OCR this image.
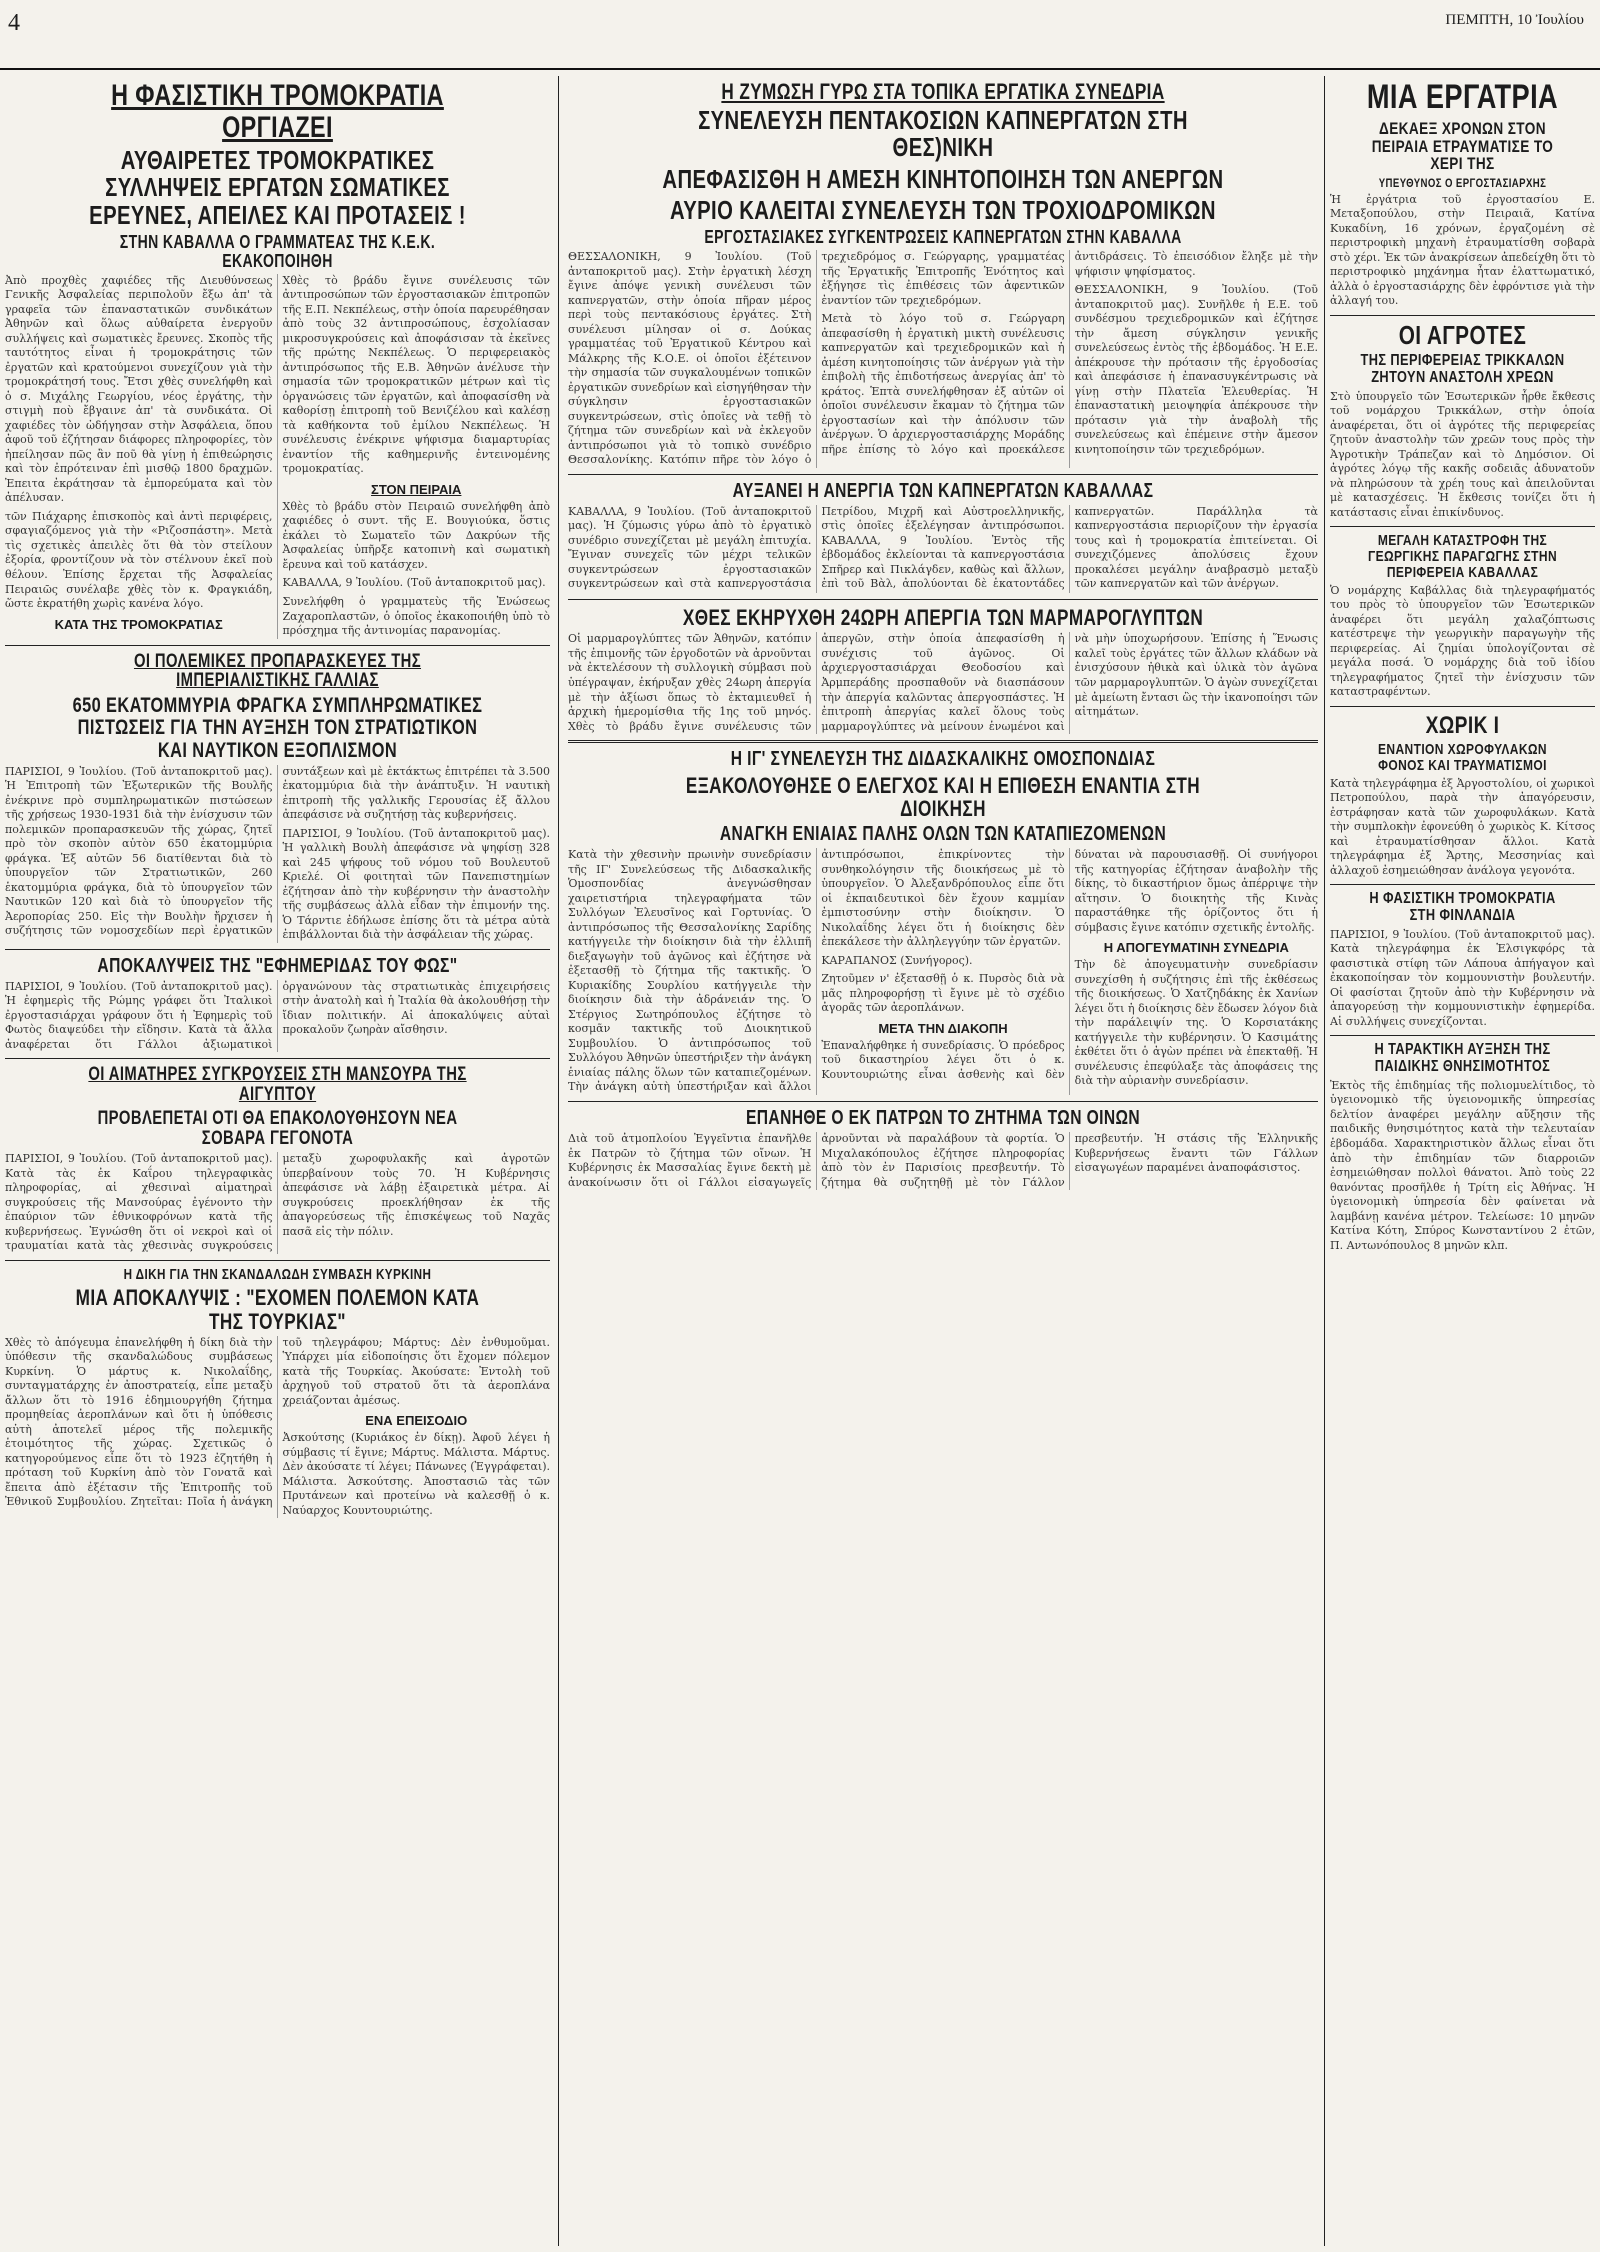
4	ΠΕΜΠΤΗ, 10 Ἰουλίου
Η ΦΑΣΙΣΤΙΚΗ ΤΡΟΜΟΚΡΑΤΙΑ ΟΡΓΙΑΖΕΙ
ΑΥΘΑΙΡΕΤΕΣ ΤΡΟΜΟΚΡΑΤΙΚΕΣ ΣΥΛΛΗΨΕΙΣ ΕΡΓΑΤΩΝ ΣΩΜΑΤΙΚΕΣ ΕΡΕΥΝΕΣ, ΑΠΕΙΛΕΣ ΚΑΙ ΠΡΟΤΑΣΕΙΣ !
ΣΤΗΝ ΚΑΒΑΛΛΑ Ο ΓΡΑΜΜΑΤΕΑΣ ΤΗΣ Κ.Ε.Κ. ΕΚΑΚΟΠΟΙΗΘΗ

Ἀπὸ προχθὲς χαφιέδες τῆς Διευθύνσεως Γενικῆς Ἀσφαλείας περιπολοῦν ἔξω ἀπ' τὰ γραφεῖα τῶν ἐπαναστατικῶν συνδικάτων Ἀθηνῶν καὶ ὅλως αὐθαίρετα ἐνεργοῦν συλλήψεις καὶ σωματικὲς ἔρευνες. Σκοπὸς τῆς ταυτότητος εἶναι ἡ τρομοκράτησις τῶν ἐργατῶν καὶ κρατούμενοι συνεχίζουν γιὰ τὴν τρομοκράτησή τους. Ἔτσι χθὲς συνελήφθη καὶ ὁ σ. Μιχάλης Γεωργίου, νέος ἐργάτης, τὴν στιγμὴ ποὺ ἔβγαινε ἀπ' τὰ συνδικάτα. Οἱ χαφιέδες τὸν ὡδήγησαν στὴν Ἀσφάλεια, ὅπου ἀφοῦ τοῦ ἐζήτησαν διάφορες πληροφορίες, τὸν ἠπείλησαν πῶς ἂν ποῦ θὰ γίνῃ ἡ ἐπιθεώρησις καὶ τὸν ἐπρότειναν ἐπὶ μισθῷ 1800 δραχμῶν. Ἐπειτα ἐκράτησαν τὰ ἐμπορεύματα καὶ τὸν ἀπέλυσαν.

τῶν Πιάχαρης ἐπισκοπὸς καὶ ἀντὶ περιφέρεις, σφαγιαζόμενος γιὰ τὴν «Ριζοσπάστη». Μετὰ τὶς σχετικὲς ἀπειλὲς ὅτι θὰ τὸν στείλουν ἐξορία, φροντίζουν νὰ τὸν στέλνουν ἐκεῖ ποὺ θέλουν. Ἐπίσης ἔρχεται τῆς Ἀσφαλείας Πειραιῶς συνέλαβε χθὲς τὸν κ. Φραγκιάδη, ὥστε ἐκρατήθη χωρὶς κανένα λόγο.

ΚΑΤΑ ΤΗΣ ΤΡΟΜΟΚΡΑΤΙΑΣ

Χθὲς τὸ βράδυ ἔγινε συνέλευσις τῶν ἀντιπροσώπων τῶν ἐργοστασιακῶν ἐπιτροπῶν τῆς Ε.Π. Νεκπέλεως, στὴν ὁποία παρευρέθησαν ἀπὸ τοὺς 32 ἀντιπροσώπους, ἐσχολίασαν μικροσυγκρούσεις καὶ ἀποφάσισαν τὰ ἐκεῖνες τῆς πρώτης Νεκπέλεως. Ὁ περιφερειακὸς ἀντιπρόσωπος τῆς Ε.Β. Ἀθηνῶν ἀνέλυσε τὴν σημασία τῶν τρομοκρατικῶν μέτρων καὶ τὶς ὀργανώσεις τῶν ἐργατῶν, καὶ ἀποφασίσθη νὰ καθορίσῃ ἐπιτροπὴ τοῦ Βενιζέλου καὶ καλέσῃ τὰ καθήκοντα τοῦ ἐμίλου Νεκπέλεως. Ἡ συνέλευσις ἐνέκρινε ψήφισμα διαμαρτυρίας ἐναντίον τῆς καθημερινῆς ἐντεινομένης τρομοκρατίας.

ΣΤΟΝ ΠΕΙΡΑΙΑ

Χθὲς τὸ βράδυ στὸν Πειραιῶ συνελήφθη ἀπὸ χαφιέδες ὁ συντ. τῆς Ε. Βουγιούκα, ὅστις ἐκάλει τὸ Σωματεῖο τῶν Δακρύων τῆς Ἀσφαλείας ὑπῆρξε κατοπινὴ καὶ σωματικὴ ἔρευνα καὶ τοῦ κατάσχεν.

ΚΑΒΑΛΛΑ, 9 Ἰουλίου. (Τοῦ ἀνταποκριτοῦ μας).

Συνελήφθη ὁ γραμματεὺς τῆς Ἑνώσεως Ζαχαροπλαστῶν, ὁ ὁποῖος ἐκακοποιήθη ὑπὸ τὸ πρόσχημα τῆς ἀντινομίας παρανομίας.

ΟΙ ΠΟΛΕΜΙΚΕΣ ΠΡΟΠΑΡΑΣΚΕΥΕΣ ΤΗΣ ΙΜΠΕΡΙΑΛΙΣΤΙΚΗΣ ΓΑΛΛΙΑΣ
650 ΕΚΑΤΟΜΜΥΡΙΑ ΦΡΑΓΚΑ ΣΥΜΠΛΗΡΩΜΑΤΙΚΕΣ ΠΙΣΤΩΣΕΙΣ ΓΙΑ ΤΗΝ ΑΥΞΗΣΗ ΤΟΝ ΣΤΡΑΤΙΩΤΙΚΟΝ ΚΑΙ ΝΑΥΤΙΚΟΝ ΕΞΟΠΛΙΣΜΟΝ

ΠΑΡΙΣΙΟΙ, 9 Ἰουλίου. (Τοῦ ἀνταποκριτοῦ μας). Ἡ Ἐπιτροπὴ τῶν Ἐξωτερικῶν τῆς Βουλῆς ἐνέκρινε πρὸ συμπληρωματικῶν πιστώσεων τῆς χρήσεως 1930-1931 διὰ τὴν ἐνίσχυσιν τῶν πολεμικῶν προπαρασκευῶν τῆς χώρας, ζητεῖ πρὸ τὸν σκοπὸν αὐτὸν 650 ἑκατομμύρια φράγκα. Ἐξ αὐτῶν 56 διατίθενται διὰ τὸ ὑπουργεῖον τῶν Στρατιωτικῶν, 260 ἑκατομμύρια φράγκα, διὰ τὸ ὑπουργεῖον τῶν Ναυτικῶν 120 καὶ διὰ τὸ ὑπουργεῖον τῆς Ἀεροπορίας 250. Εἰς τὴν Βουλὴν ἤρχισεν ἡ συζήτησις τῶν νομοσχεδίων περὶ ἐργατικῶν συντάξεων καὶ μὲ ἐκτάκτως ἐπιτρέπει τὰ 3.500 ἑκατομμύρια διὰ τὴν ἀνάπτυξιν. Ἡ ναυτικὴ ἐπιτροπὴ τῆς γαλλικῆς Γερουσίας ἐξ ἄλλου ἀπεφάσισε νὰ συζητήσῃ τὰς κυβερνήσεις.

ΠΑΡΙΣΙΟΙ, 9 Ἰουλίου. (Τοῦ ἀνταποκριτοῦ μας). Ἡ γαλλικὴ Βουλὴ ἀπεφάσισε νὰ ψηφίσῃ 328 καὶ 245 ψήφους τοῦ νόμου τοῦ Βουλευτοῦ Κριελέ. Οἱ φοιτηταὶ τῶν Πανεπιστημίων ἐζήτησαν ἀπὸ τὴν κυβέρνησιν τὴν ἀναστολὴν τῆς συμβάσεως ἀλλὰ εἶδαν τὴν ἐπιμονήν της. Ὁ Τάρντιε ἐδήλωσε ἐπίσης ὅτι τὰ μέτρα αὐτὰ ἐπιβάλλονται διὰ τὴν ἀσφάλειαν τῆς χώρας.

ΑΠΟΚΑΛΥΨΕΙΣ ΤΗΣ "ΕΦΗΜΕΡΙΔΑΣ ΤΟΥ ΦΩΣ"

ΠΑΡΙΣΙΟΙ, 9 Ἰουλίου. (Τοῦ ἀνταποκριτοῦ μας). Ἡ ἐφημερὶς τῆς Ρώμης γράφει ὅτι Ἰταλικοὶ ἐργοστασιάρχαι γράφουν ὅτι ἡ Ἐφημερὶς τοῦ Φωτὸς διαψεύδει τὴν εἴδησιν. Κατὰ τὰ ἄλλα ἀναφέρεται ὅτι Γάλλοι ἀξιωματικοὶ ὀργανώνουν τὰς στρατιωτικὰς ἐπιχειρήσεις στὴν ἀνατολὴ καὶ ἡ Ἰταλία θὰ ἀκολουθήσῃ τὴν ἴδιαν πολιτικήν. Αἱ ἀποκαλύψεις αὐταὶ προκαλοῦν ζωηρὰν αἴσθησιν.

ΟΙ ΑΙΜΑΤΗΡΕΣ ΣΥΓΚΡΟΥΣΕΙΣ ΣΤΗ ΜΑΝΣΟΥΡΑ ΤΗΣ ΑΙΓΥΠΤΟΥ
ΠΡΟΒΛΕΠΕΤΑΙ ΟΤΙ ΘΑ ΕΠΑΚΟΛΟΥΘΗΣΟΥΝ ΝΕΑ ΣΟΒΑΡΑ ΓΕΓΟΝΟΤΑ

ΠΑΡΙΣΙΟΙ, 9 Ἰουλίου. (Τοῦ ἀνταποκριτοῦ μας). Κατὰ τὰς ἐκ Καΐρου τηλεγραφικὰς πληροφορίας, αἱ χθεσιναὶ αἱματηραὶ συγκρούσεις τῆς Μανσούρας ἐγένοντο τὴν ἐπαύριον τῶν ἐθνικοφρόνων κατὰ τῆς κυβερνήσεως. Ἐγνώσθη ὅτι οἱ νεκροὶ καὶ οἱ τραυματίαι κατὰ τὰς χθεσινὰς συγκρούσεις μεταξὺ χωροφυλακῆς καὶ ἀγροτῶν ὑπερβαίνουν τοὺς 70. Ἡ Κυβέρνησις ἀπεφάσισε νὰ λάβῃ ἐξαιρετικὰ μέτρα. Αἱ συγκρούσεις προεκλήθησαν ἐκ τῆς ἀπαγορεύσεως τῆς ἐπισκέψεως τοῦ Ναχᾶς πασᾶ εἰς τὴν πόλιν.

Η ΔΙΚΗ ΓΙΑ ΤΗΝ ΣΚΑΝΔΑΛΩΔΗ ΣΥΜΒΑΣΗ ΚΥΡΚΙΝΗ
ΜΙΑ ΑΠΟΚΑΛΥΨΙΣ : "ΕΧΟΜΕΝ ΠΟΛΕΜΟΝ ΚΑΤΑ ΤΗΣ ΤΟΥΡΚΙΑΣ"

Χθὲς τὸ ἀπόγευμα ἐπανελήφθη ἡ δίκη διὰ τὴν ὑπόθεσιν τῆς σκανδαλώδους συμβάσεως Κυρκίνη. Ὁ μάρτυς κ. Νικολαΐδης, συνταγματάρχης ἐν ἀποστρατείᾳ, εἶπε μεταξὺ ἄλλων ὅτι τὸ 1916 ἐδημιουργήθη ζήτημα προμηθείας ἀεροπλάνων καὶ ὅτι ἡ ὑπόθεσις αὐτὴ ἀποτελεῖ μέρος τῆς πολεμικῆς ἑτοιμότητος τῆς χώρας. Σχετικῶς ὁ κατηγορούμενος εἶπε ὅτι τὸ 1923 ἐζητήθη ἡ πρόταση τοῦ Κυρκίνη ἀπὸ τὸν Γονατᾶ καὶ ἔπειτα ἀπὸ ἐξέτασιν τῆς Ἐπιτροπῆς τοῦ Ἐθνικοῦ Συμβουλίου. Ζητεῖται: Ποῖα ἡ ἀνάγκη τοῦ τηλεγράφου; Μάρτυς: Δὲν ἐνθυμοῦμαι. Ὑπάρχει μία εἰδοποίησις ὅτι ἔχομεν πόλεμον κατὰ τῆς Τουρκίας. Ἀκούσατε: Ἐντολὴ τοῦ ἀρχηγοῦ τοῦ στρατοῦ ὅτι τὰ ἀεροπλάνα χρειάζονται ἀμέσως.

ΕΝΑ ΕΠΕΙΣΟΔΙΟ

Ἀσκούτσης (Κυριάκος ἐν δίκῃ). Ἀφοῦ λέγει ἡ σύμβασις τί ἔγινε; Μάρτυς. Μάλιστα. Μάρτυς. Δὲν ἀκούσατε τί λέγει; Πάνωνες (Ἐγγράφεται). Μάλιστα. Ἀσκούτσης. Ἀποστασιῶ τὰς τῶν Πρυτάνεων καὶ προτείνω νὰ καλεσθῇ ὁ κ. Ναύαρχος Κουντουριώτης.

Η ΖΥΜΩΣΗ ΓΥΡΩ ΣΤΑ ΤΟΠΙΚΑ ΕΡΓΑΤΙΚΑ ΣΥΝΕΔΡΙΑ
ΣΥΝΕΛΕΥΣΗ ΠΕΝΤΑΚΟΣΙΩΝ ΚΑΠΝΕΡΓΑΤΩΝ ΣΤΗ ΘΕΣ)ΝΙΚΗ
ΑΠΕΦΑΣΙΣΘΗ Η ΑΜΕΣΗ ΚΙΝΗΤΟΠΟΙΗΣΗ ΤΩΝ ΑΝΕΡΓΩΝ
ΑΥΡΙΟ ΚΑΛΕΙΤΑΙ ΣΥΝΕΛΕΥΣΗ ΤΩΝ ΤΡΟΧΙΟΔΡΟΜΙΚΩΝ
ΕΡΓΟΣΤΑΣΙΑΚΕΣ ΣΥΓΚΕΝΤΡΩΣΕΙΣ ΚΑΠΝΕΡΓΑΤΩΝ ΣΤΗΝ ΚΑΒΑΛΛΑ

ΘΕΣΣΑΛΟΝΙΚΗ, 9 Ἰουλίου. (Τοῦ ἀνταποκριτοῦ μας). Στὴν ἐργατικὴ λέσχη ἔγινε ἀπόψε γενικὴ συνέλευσι τῶν καπνεργατῶν, στὴν ὁποία πῆραν μέρος περὶ τοὺς πεντακόσιους ἐργάτες. Στὴ συνέλευσι μίλησαν οἱ σ. Δούκας γραμματέας τοῦ Ἐργατικοῦ Κέντρου καὶ Μάλκρης τῆς Κ.Ο.Ε. οἱ ὁποῖοι ἐξέτεινον τὴν σημασία τῶν συγκαλουμένων τοπικῶν ἐργατικῶν συνεδρίων καὶ εἰσηγήθησαν τὴν σύγκλησιν ἐργοστασιακῶν συγκεντρώσεων, στὶς ὁποῖες νὰ τεθῇ τὸ ζήτημα τῶν συνεδρίων καὶ νὰ ἐκλεγοῦν ἀντιπρόσωποι γιὰ τὸ τοπικὸ συνέδριο Θεσσαλονίκης. Κατόπιν πῆρε τὸν λόγο ὁ τρεχιεδρόμος σ. Γεώργαρης, γραμματέας τῆς Ἐργατικῆς Ἐπιτροπῆς Ἑνότητος καὶ ἐξήγησε τὶς ἐπιθέσεις τῶν ἀφεντικῶν ἐναντίον τῶν τρεχιεδρόμων.

Μετὰ τὸ λόγο τοῦ σ. Γεώργαρη ἀπεφασίσθη ἡ ἐργατικὴ μικτὴ συνέλευσις καπνεργατῶν καὶ τρεχιεδρομικῶν καὶ ἡ ἀμέση κινητοποίησις τῶν ἀνέργων γιὰ τὴν ἐπιβολὴ τῆς ἐπιδοτήσεως ἀνεργίας ἀπ' τὸ κράτος. Ἑπτὰ συνελήφθησαν ἐξ αὐτῶν οἱ ὁποῖοι συνέλευσιν ἔκαμαν τὸ ζήτημα τῶν ἐργοστασίων καὶ τὴν ἀπόλυσιν τῶν ἀνέργων. Ὁ ἀρχιεργοστασιάρχης Μοράδης πῆρε ἐπίσης τὸ λόγο καὶ προεκάλεσε ἀντιδράσεις. Τὸ ἐπεισόδιον ἔληξε μὲ τὴν ψήφισιν ψηφίσματος.

ΘΕΣΣΑΛΟΝΙΚΗ, 9 Ἰουλίου. (Τοῦ ἀνταποκριτοῦ μας). Συνῆλθε ἡ Ε.Ε. τοῦ συνδέσμου τρεχιεδρομικῶν καὶ ἐζήτησε τὴν ἄμεση σύγκλησιν γενικῆς συνελεύσεως ἐντὸς τῆς ἑβδομάδος. Ἡ Ε.Ε. ἀπέκρουσε τὴν πρότασιν τῆς ἐργοδοσίας καὶ ἀπεφάσισε ἡ ἐπανασυγκέντρωσις νὰ γίνῃ στὴν Πλατεῖα Ἐλευθερίας. Ἡ ἐπαναστατικὴ μειοψηφία ἀπέκρουσε τὴν πρότασιν γιὰ τὴν ἀναβολὴ τῆς συνελεύσεως καὶ ἐπέμεινε στὴν ἄμεσον κινητοποίησιν τῶν τρεχιεδρόμων.

ΑΥΞΑΝΕΙ Η ΑΝΕΡΓΙΑ ΤΩΝ ΚΑΠΝΕΡΓΑΤΩΝ ΚΑΒΑΛΛΑΣ

ΚΑΒΑΛΛΑ, 9 Ἰουλίου. (Τοῦ ἀνταποκριτοῦ μας). Ἡ ζύμωσις γύρω ἀπὸ τὸ ἐργατικὸ συνέδριο συνεχίζεται μὲ μεγάλη ἐπιτυχία. Ἔγιναν συνεχεῖς τῶν μέχρι τελικῶν συγκεντρώσεων ἐργοστασιακῶν συγκεντρώσεων καὶ στὰ καπνεργοστάσια Πετρίδου, Μιχρῆ καὶ Αὐστροελληνικῆς, στὶς ὁποῖες ἐξελέγησαν ἀντιπρόσωποι. ΚΑΒΑΛΛΑ, 9 Ἰουλίου. Ἐντὸς τῆς ἑβδομάδος ἐκλείονται τὰ καπνεργοστάσια Σπῆρερ καὶ Πικλάγδεν, καθὼς καὶ ἄλλων, ἐπὶ τοῦ Βὰλ, ἀπολύονται δὲ ἑκατοντάδες καπνεργατῶν. Παράλληλα τὰ καπνεργοστάσια περιορίζουν τὴν ἐργασία τους καὶ ἡ τρομοκρατία ἐπιτείνεται. Οἱ συνεχιζόμενες ἀπολύσεις ἔχουν προκαλέσει μεγάλην ἀναβρασμὸ μεταξὺ τῶν καπνεργατῶν καὶ τῶν ἀνέργων.

ΧΘΕΣ ΕΚΗΡΥΧΘΗ 24ΩΡΗ ΑΠΕΡΓΙΑ ΤΩΝ ΜΑΡΜΑΡΟΓΛΥΠΤΩΝ

Οἱ μαρμαρογλύπτες τῶν Ἀθηνῶν, κατόπιν τῆς ἐπιμονῆς τῶν ἐργοδοτῶν νὰ ἀρνοῦνται νὰ ἐκτελέσουν τὴ συλλογικὴ σύμβασι ποὺ ὑπέγραψαν, ἐκήρυξαν χθὲς 24ωρη ἀπεργία μὲ τὴν ἀξίωσι ὅπως τὸ ἐκταμιευθεῖ ἡ ἀρχικὴ ἡμερομίσθια τῆς 1ης τοῦ μηνός. Χθὲς τὸ βράδυ ἔγινε συνέλευσις τῶν ἀπεργῶν, στὴν ὁποία ἀπεφασίσθη ἡ συνέχισις τοῦ ἀγῶνος. Οἱ ἀρχιεργοστασιάρχαι Θεοδοσίου καὶ Ἀρμπεράδης προσπαθοῦν νὰ διασπάσουν τὴν ἀπεργία καλῶντας ἀπεργοσπάστες. Ἡ ἐπιτροπὴ ἀπεργίας καλεῖ ὅλους τοὺς μαρμαρογλύπτες νὰ μείνουν ἑνωμένοι καὶ νὰ μὴν ὑποχωρήσουν. Ἐπίσης ἡ Ἕνωσις καλεῖ τοὺς ἐργάτες τῶν ἄλλων κλάδων νὰ ἐνισχύσουν ἠθικὰ καὶ ὑλικὰ τὸν ἀγῶνα τῶν μαρμαρογλυπτῶν. Ὁ ἀγὼν συνεχίζεται μὲ ἀμείωτη ἔντασι ὣς τὴν ἱκανοποίησι τῶν αἰτημάτων.

Η ΙΓ' ΣΥΝΕΛΕΥΣΗ ΤΗΣ ΔΙΔΑΣΚΑΛΙΚΗΣ ΟΜΟΣΠΟΝΔΙΑΣ
ΕΞΑΚΟΛΟΥΘΗΣΕ Ο ΕΛΕΓΧΟΣ ΚΑΙ Η ΕΠΙΘΕΣΗ ΕΝΑΝΤΙΑ ΣΤΗ ΔΙΟΙΚΗΣΗ
ΑΝΑΓΚΗ ΕΝΙΑΙΑΣ ΠΑΛΗΣ ΟΛΩΝ ΤΩΝ ΚΑΤΑΠΙΕΖΟΜΕΝΩΝ

Κατὰ τὴν χθεσινὴν πρωινὴν συνεδρίασιν τῆς ΙΓ' Συνελεύσεως τῆς Διδασκαλικῆς Ὁμοσπονδίας ἀνεγνώσθησαν χαιρετιστήρια τηλεγραφήματα τῶν Συλλόγων Ἐλευσῖνος καὶ Γορτυνίας. Ὁ ἀντιπρόσωπος τῆς Θεσσαλονίκης Σαρίδης κατήγγειλε τὴν διοίκησιν διὰ τὴν ἐλλιπῆ διεξαγωγὴν τοῦ ἀγῶνος καὶ ἐζήτησε νὰ ἐξετασθῇ τὸ ζήτημα τῆς τακτικῆς. Ὁ Κυριακίδης Σουρλίου κατήγγειλε τὴν διοίκησιν διὰ τὴν ἀδράνειάν της. Ὁ Στέργιος Σωτηρόπουλος ἐζήτησε τὸ κοσμᾶν τακτικῆς τοῦ Διοικητικοῦ Συμβουλίου. Ὁ ἀντιπρόσωπος τοῦ Συλλόγου Ἀθηνῶν ὑπεστήριξεν τὴν ἀνάγκη ἑνιαίας πάλης ὅλων τῶν καταπιεζομένων. Τὴν ἀνάγκη αὐτὴ ὑπεστήριξαν καὶ ἄλλοι ἀντιπρόσωποι, ἐπικρίνοντες τὴν συνθηκολόγησιν τῆς διοικήσεως μὲ τὸ ὑπουργεῖον. Ὁ Ἀλεξανδρόπουλος εἶπε ὅτι οἱ ἐκπαιδευτικοὶ δὲν ἔχουν καμμίαν ἐμπιστοσύνην στὴν διοίκησιν. Ὁ Νικολαΐδης λέγει ὅτι ἡ διοίκησις δὲν ἐπεκάλεσε τὴν ἀλληλεγγύην τῶν ἐργατῶν.

ΚΑΡΑΠΑΝΟΣ (Συνήγορος).

Ζητοῦμεν ν' ἐξετασθῇ ὁ κ. Πυρσὸς διὰ νὰ μᾶς πληροφορήσῃ τὶ ἔγινε μὲ τὸ σχέδιο ἀγορᾶς τῶν ἀεροπλάνων.

ΜΕΤΑ ΤΗΝ ΔΙΑΚΟΠΗ

Ἐπαναλήφθηκε ἡ συνεδρίασις. Ὁ πρόεδρος τοῦ δικαστηρίου λέγει ὅτι ὁ κ. Κουντουριώτης εἶναι ἀσθενὴς καὶ δὲν δύναται νὰ παρουσιασθῇ. Οἱ συνήγοροι τῆς κατηγορίας ἐζήτησαν ἀναβολὴν τῆς δίκης, τὸ δικαστήριον ὅμως ἀπέρριψε τὴν αἴτησιν. Ὁ διοικητὴς τῆς Κινὰς παραστάθηκε τῆς ὁρίζοντος ὅτι ἡ σύμβασις ἔγινε κατόπιν σχετικῆς ἐντολῆς.

Η ΑΠΟΓΕΥΜΑΤΙΝΗ ΣΥΝΕΔΡΙΑ

Τὴν δὲ ἀπογευματινὴν συνεδρίασιν συνεχίσθη ἡ συζήτησις ἐπὶ τῆς ἐκθέσεως τῆς διοικήσεως. Ὁ Χατζηδάκης ἐκ Χανίων λέγει ὅτι ἡ διοίκησις δὲν ἔδωσεν λόγον διὰ τὴν παράλειψίν της. Ὁ Κορσιατάκης κατήγγειλε τὴν κυβέρνησιν. Ὁ Κασιμάτης ἐκθέτει ὅτι ὁ ἀγὼν πρέπει νὰ ἐπεκταθῇ. Ἡ συνέλευσις ἐπεφύλαξε τὰς ἀποφάσεις της διὰ τὴν αὐριανὴν συνεδρίασιν.

ΕΠΑΝΗΘΕ Ο ΕΚ ΠΑΤΡΩΝ ΤΟ ΖΗΤΗΜΑ ΤΩΝ ΟΙΝΩΝ

Διὰ τοῦ ἀτμοπλοίου Ἐγγεῖντια ἐπανῆλθε ἐκ Πατρῶν τὸ ζήτημα τῶν οἴνων. Ἡ Κυβέρνησις ἐκ Μασσαλίας ἔγινε δεκτὴ μὲ ἀνακοίνωσιν ὅτι οἱ Γάλλοι εἰσαγωγεῖς ἀρνοῦνται νὰ παραλάβουν τὰ φορτία. Ὁ Μιχαλακόπουλος ἐζήτησε πληροφορίας ἀπὸ τὸν ἐν Παρισίοις πρεσβευτήν. Τὸ ζήτημα θὰ συζητηθῇ μὲ τὸν Γάλλον πρεσβευτήν. Ἡ στάσις τῆς Ἑλληνικῆς Κυβερνήσεως ἔναντι τῶν Γάλλων εἰσαγωγέων παραμένει ἀναποφάσιστος.

ΜΙΑ ΕΡΓΑΤΡΙΑ
ΔΕΚΑΕΞ ΧΡΟΝΩΝ ΣΤΟΝ ΠΕΙΡΑΙΑ ΕΤΡΑΥΜΑΤΙΣΕ ΤΟ ΧΕΡΙ ΤΗΣ
ΥΠΕΥΘΥΝΟΣ Ο ΕΡΓΟΣΤΑΣΙΑΡΧΗΣ

Ἡ ἐργάτρια τοῦ ἐργοστασίου Ε. Μεταξοπούλου, στὴν Πειραιᾶ, Κατίνα Κυκαδίνη, 16 χρόνων, ἐργαζομένη σὲ περιστροφικὴ μηχανὴ ἐτραυματίσθη σοβαρὰ στὸ χέρι. Ἐκ τῶν ἀνακρίσεων ἀπεδείχθη ὅτι τὸ περιστροφικὸ μηχάνημα ἦταν ἐλαττωματικό, ἀλλὰ ὁ ἐργοστασιάρχης δὲν ἐφρόντισε γιὰ τὴν ἀλλαγή του.

ΟΙ ΑΓΡΟΤΕΣ
ΤΗΣ ΠΕΡΙΦΕΡΕΙΑΣ ΤΡΙΚΚΑΛΩΝ ΖΗΤΟΥΝ ΑΝΑΣΤΟΛΗ ΧΡΕΩΝ

Στὸ ὑπουργεῖο τῶν Ἐσωτερικῶν ἦρθε ἔκθεσις τοῦ νομάρχου Τρικκάλων, στὴν ὁποία ἀναφέρεται, ὅτι οἱ ἀγρότες τῆς περιφερείας ζητοῦν ἀναστολὴν τῶν χρεῶν τους πρὸς τὴν Ἀγροτικὴν Τράπεζαν καὶ τὸ Δημόσιον. Οἱ ἀγρότες λόγῳ τῆς κακῆς σοδειᾶς ἀδυνατοῦν νὰ πληρώσουν τὰ χρέη τους καὶ ἀπειλοῦνται μὲ κατασχέσεις. Ἡ ἔκθεσις τονίζει ὅτι ἡ κατάστασις εἶναι ἐπικίνδυνος.

ΜΕΓΑΛΗ ΚΑΤΑΣΤΡΟΦΗ ΤΗΣ ΓΕΩΡΓΙΚΗΣ ΠΑΡΑΓΩΓΗΣ ΣΤΗΝ ΠΕΡΙΦΕΡΕΙΑ ΚΑΒΑΛΛΑΣ

Ὁ νομάρχης Καβάλλας διὰ τηλεγραφήματός του πρὸς τὸ ὑπουργεῖον τῶν Ἐσωτερικῶν ἀναφέρει ὅτι μεγάλη χαλαζόπτωσις κατέστρεψε τὴν γεωργικὴν παραγωγὴν τῆς περιφερείας. Αἱ ζημίαι ὑπολογίζονται σὲ μεγάλα ποσά. Ὁ νομάρχης διὰ τοῦ ἰδίου τηλεγραφήματος ζητεῖ τὴν ἐνίσχυσιν τῶν καταστραφέντων.

ΧΩΡΙΚ Ι
ΕΝΑΝΤΙΟΝ ΧΩΡΟΦΥΛΑΚΩΝ ΦΟΝΟΣ ΚΑΙ ΤΡΑΥΜΑΤΙΣΜΟΙ

Κατὰ τηλεγράφημα ἐξ Ἀργοστολίου, οἱ χωρικοὶ Πετροπούλου, παρὰ τὴν ἀπαγόρευσιν, ἐστράφησαν κατὰ τῶν χωροφυλάκων. Κατὰ τὴν συμπλοκὴν ἐφονεύθη ὁ χωρικὸς Κ. Κίτσος καὶ ἐτραυματίσθησαν ἄλλοι. Κατὰ τηλεγράφημα ἐξ Ἄρτης, Μεσσηνίας καὶ ἀλλαχοῦ ἐσημειώθησαν ἀνάλογα γεγονότα.

Η ΦΑΣΙΣΤΙΚΗ ΤΡΟΜΟΚΡΑΤΙΑ ΣΤΗ ΦΙΝΛΑΝΔΙΑ

ΠΑΡΙΣΙΟΙ, 9 Ἰουλίου. (Τοῦ ἀνταποκριτοῦ μας). Κατὰ τηλεγράφημα ἐκ Ἑλσιγκφόρς τὰ φασιστικὰ στίφη τῶν Λάπουα ἀπήγαγον καὶ ἐκακοποίησαν τὸν κομμουνιστὴν βουλευτήν. Οἱ φασίσται ζητοῦν ἀπὸ τὴν Κυβέρνησιν νὰ ἀπαγορεύσῃ τὴν κομμουνιστικὴν ἐφημερίδα. Αἱ συλλήψεις συνεχίζονται.

Η ΤΑΡΑΚΤΙΚΗ ΑΥΞΗΣΗ ΤΗΣ ΠΑΙΔΙΚΗΣ ΘΝΗΣΙΜΟΤΗΤΟΣ

Ἐκτὸς τῆς ἐπιδημίας τῆς πολιομυελίτιδος, τὸ ὑγειονομικὸ τῆς ὑγειονομικῆς ὑπηρεσίας δελτίον ἀναφέρει μεγάλην αὔξησιν τῆς παιδικῆς θνησιμότητος κατὰ τὴν τελευταίαν ἑβδομάδα. Χαρακτηριστικὸν ἄλλως εἶναι ὅτι ἀπὸ τὴν ἐπιδημίαν τῶν διαρροιῶν ἐσημειώθησαν πολλοὶ θάνατοι. Ἀπὸ τοὺς 22 θανόντας προσῆλθε ἡ Τρίτη εἰς Ἀθήνας. Ἡ ὑγειονομικὴ ὑπηρεσία δὲν φαίνεται νὰ λαμβάνῃ κανένα μέτρον. Τελείωσε: 10 μηνῶν Κατίνα Κότη, Σπύρος Κωνσταντίνου 2 ἐτῶν, Π. Αντωνόπουλος 8 μηνῶν κλπ.
